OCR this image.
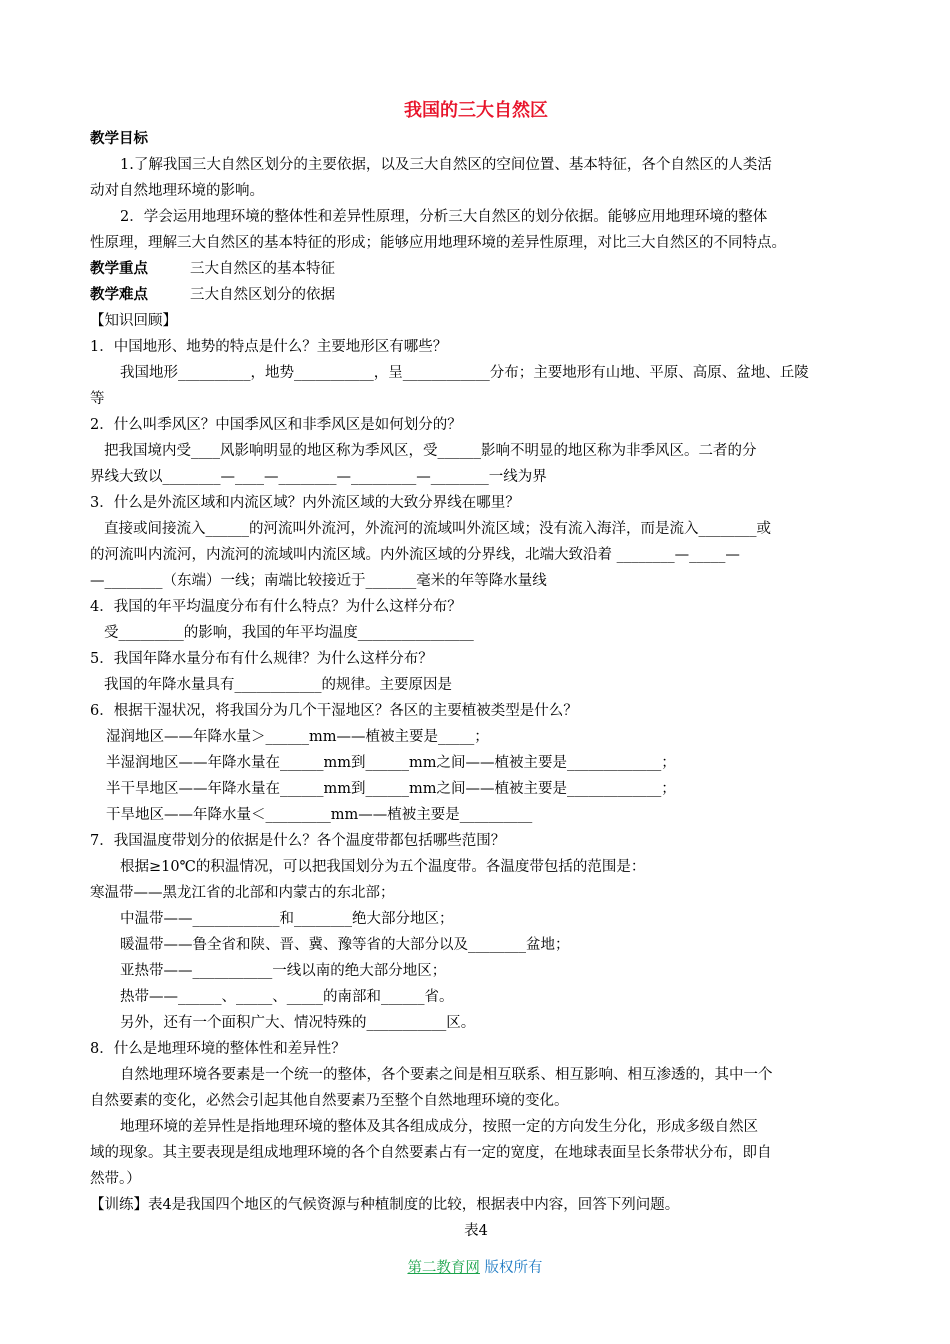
我国的三大自然区
教学目标
1.了解我国三大自然区划分的主要依据，以及三大自然区的空间位置、基本特征，各个自然区的人类活
动对自然地理环境的影响。
2．学会运用地理环境的整体性和差异性原理，分析三大自然区的划分依据。能够应用地理环境的整体
性原理，理解三大自然区的基本特征的形成；能够应用地理环境的差异性原理，对比三大自然区的不同特点。
教学重点	三大自然区的基本特征
教学难点	三大自然区划分的依据
【知识回顾】
1．中国地形、地势的特点是什么？主要地形区有哪些？
我国地形__________，地势___________，呈____________分布；主要地形有山地、平原、高原、盆地、丘陵
等
2．什么叫季风区？中国季风区和非季风区是如何划分的？
把我国境内受____风影响明显的地区称为季风区，受______影响不明显的地区称为非季风区。二者的分
界线大致以________—____—________—_________—________一线为界
3．什么是外流区域和内流区域？内外流区域的大致分界线在哪里？
直接或间接流入______的河流叫外流河，外流河的流域叫外流区域；没有流入海洋，而是流入________或
的河流叫内流河，内流河的流域叫内流区域。内外流区域的分界线，北端大致沿着 ________—_____—
—________（东端）一线；南端比较接近于_______毫米的年等降水量线
4．我国的年平均温度分布有什么特点？为什么这样分布？
受_________的影响，我国的年平均温度________________
5．我国年降水量分布有什么规律？为什么这样分布？
我国的年降水量具有____________的规律。主要原因是
6．根据干湿状况，将我国分为几个干湿地区？各区的主要植被类型是什么？
湿润地区——年降水量＞______mm——植被主要是_____；
半湿润地区——年降水量在______mm到______mm之间——植被主要是_____________；
半干旱地区——年降水量在______mm到______mm之间——植被主要是_____________；
干旱地区——年降水量＜_________mm——植被主要是__________
7．我国温度带划分的依据是什么？各个温度带都包括哪些范围？
根据≥10℃的积温情况，可以把我国划分为五个温度带。各温度带包括的范围是：
寒温带——黑龙江省的北部和内蒙古的东北部；
中温带——____________和________绝大部分地区；
暖温带——鲁全省和陕、晋、冀、豫等省的大部分以及________盆地；
亚热带——___________一线以南的绝大部分地区；
热带——______、_____、_____的南部和______省。
另外，还有一个面积广大、情况特殊的___________区。
8．什么是地理环境的整体性和差异性？
自然地理环境各要素是一个统一的整体，各个要素之间是相互联系、相互影响、相互渗透的，其中一个
自然要素的变化，必然会引起其他自然要素乃至整个自然地理环境的变化。
地理环境的差异性是指地理环境的整体及其各组成成分，按照一定的方向发生分化，形成多级自然区
域的现象。其主要表现是组成地理环境的各个自然要素占有一定的宽度，在地球表面呈长条带状分布，即自
然带。）
【训练】表4是我国四个地区的气候资源与种植制度的比较，根据表中内容，回答下列问题。
表4
第二教育网 版权所有
